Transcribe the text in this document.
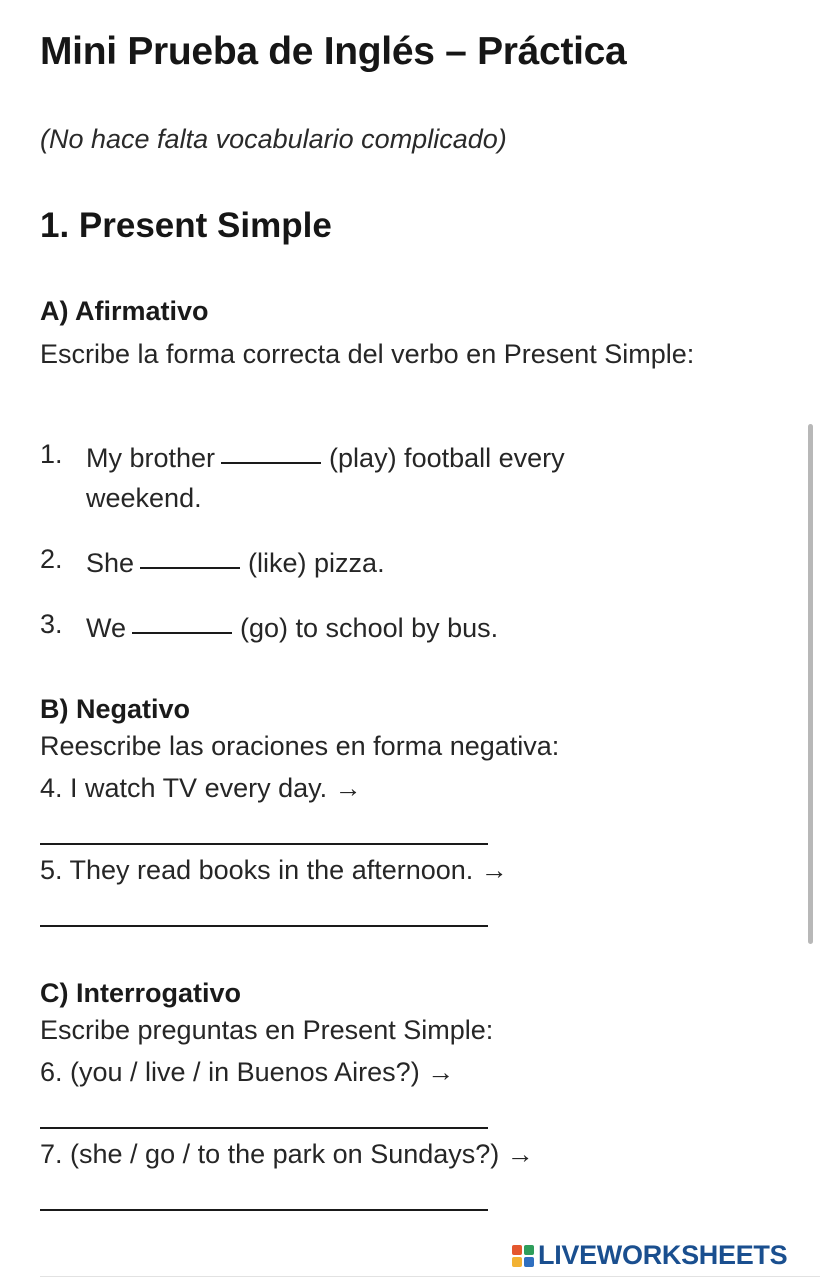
Mini Prueba de Inglés – Práctica
(No hace falta vocabulario complicado)
1. Present Simple
A) Afirmativo
Escribe la forma correcta del verbo en Present Simple:
1. My brother	(play) football every
weekend.
2. She	(like) pizza.
3. We	(go) to school by bus.
B) Negativo
Reescribe las oraciones en forma negativa:
4. I watch TV every day. →
5. They read books in the afternoon. →
C) Interrogativo
Escribe preguntas en Present Simple:
6. (you / live / in Buenos Aires?) →
7. (she / go / to the park on Sundays?) →
LIVEWORKSHEETS
